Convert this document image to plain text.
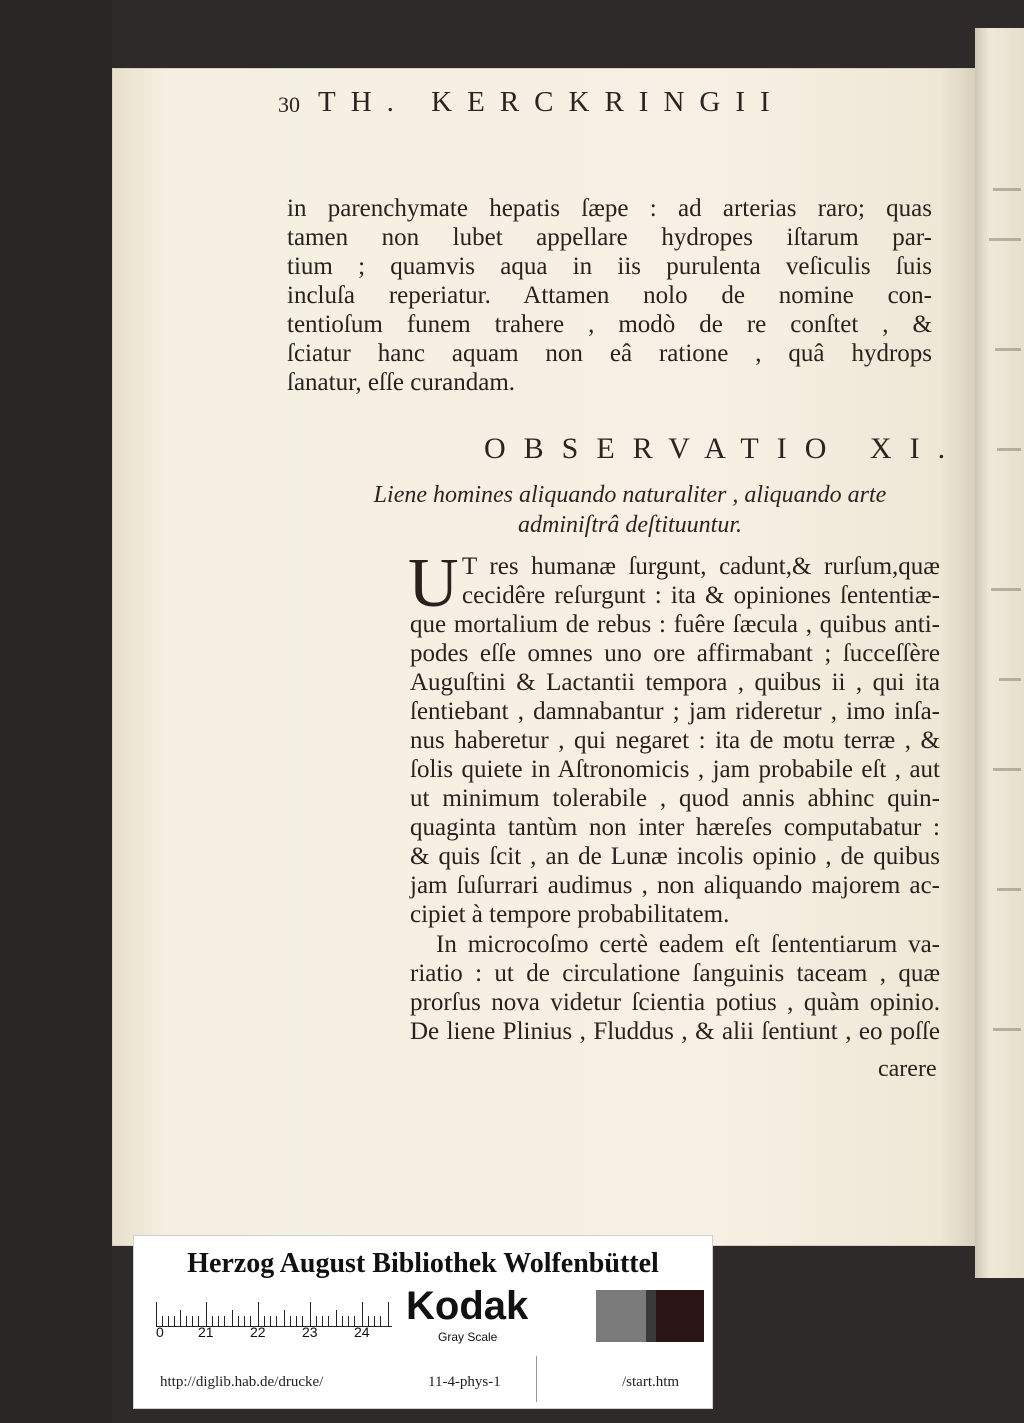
30 TH. KERCKRINGII
in parenchymate hepatis ſæpe : ad arterias raro; quas
tamen non lubet appellare hydropes iſtarum par-
tium ; quamvis aqua in iis purulenta veſiculis ſuis
incluſa reperiatur. Attamen nolo de nomine con-
tentioſum funem trahere , modò de re conſtet , &
ſciatur hanc aquam non eâ ratione , quâ hydrops
ſanatur, eſſe curandam.
OBSERVATIO XI.
Liene homines aliquando naturaliter , aliquando arte
adminiſtrâ deſtituuntur.
U T res humanæ ſurgunt, cadunt,& rurſum,quæ
cecidêre reſurgunt : ita & opiniones ſententiæ-
que mortalium de rebus : fuêre ſæcula , quibus anti-
podes eſſe omnes uno ore affirmabant ; ſucceſſère
Auguſtini & Lactantii tempora , quibus ii , qui ita
ſentiebant , damnabantur ; jam rideretur , imo inſa-
nus haberetur , qui negaret : ita de motu terræ , &
ſolis quiete in Aſtronomicis , jam probabile eſt , aut
ut minimum tolerabile , quod annis abhinc quin-
quaginta tantùm non inter hæreſes computabatur :
& quis ſcit , an de Lunæ incolis opinio , de quibus
jam ſuſurrari audimus , non aliquando majorem ac-
cipiet à tempore probabilitatem.
In microcoſmo certè eadem eſt ſententiarum va-
riatio : ut de circulatione ſanguinis taceam , quæ
prorſus nova videtur ſcientia potius , quàm opinio.
De liene Plinius , Fluddus , & alii ſentiunt , eo poſſe
carere
Herzog August Bibliothek Wolfenbüttel
0 21	22	23	24
Kodak
Gray Scale
http://diglib.hab.de/drucke/	11-4-phys-1	/start.htm
